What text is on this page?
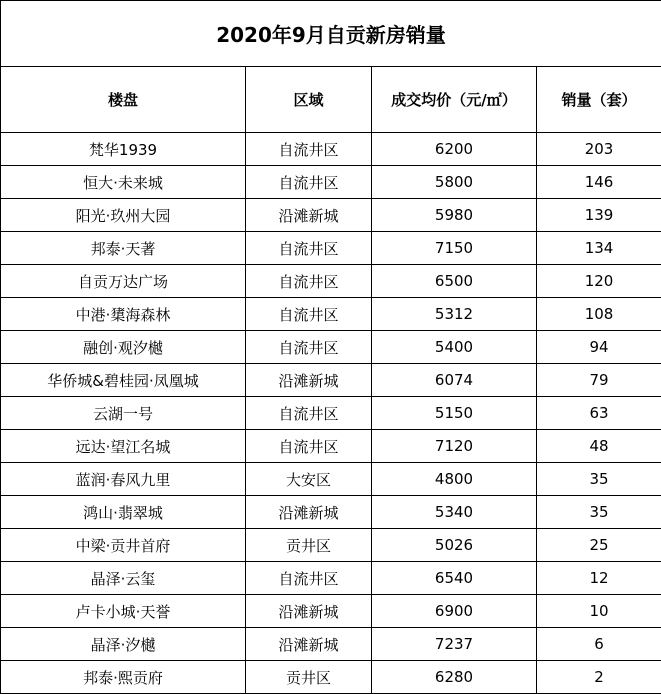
2020年9月自贡新房销量			
楼盘	区域	成交均价（元/㎡）	销量（套）
梵华1939	自流井区	6200	203
恒大·未来城	自流井区	5800	146
阳光·玖州大园	沿滩新城	5980	139
邦泰·天著	自流井区	7150	134
自贡万达广场	自流井区	6500	120
中港·橥海森林	自流井区	5312	108
融创·观汐樾	自流井区	5400	94
华侨城&碧桂园·凤凰城	沿滩新城	6074	79
云湖一号	自流井区	5150	63
远达·望江名城	自流井区	7120	48
蓝润·春风九里	大安区	4800	35
鸿山·翡翠城	沿滩新城	5340	35
中梁·贡井首府	贡井区	5026	25
晶泽·云玺	自流井区	6540	12
卢卡小城·天誉	沿滩新城	6900	10
晶泽·汐樾	沿滩新城	7237	6
邦泰·熙贡府	贡井区	6280	2
